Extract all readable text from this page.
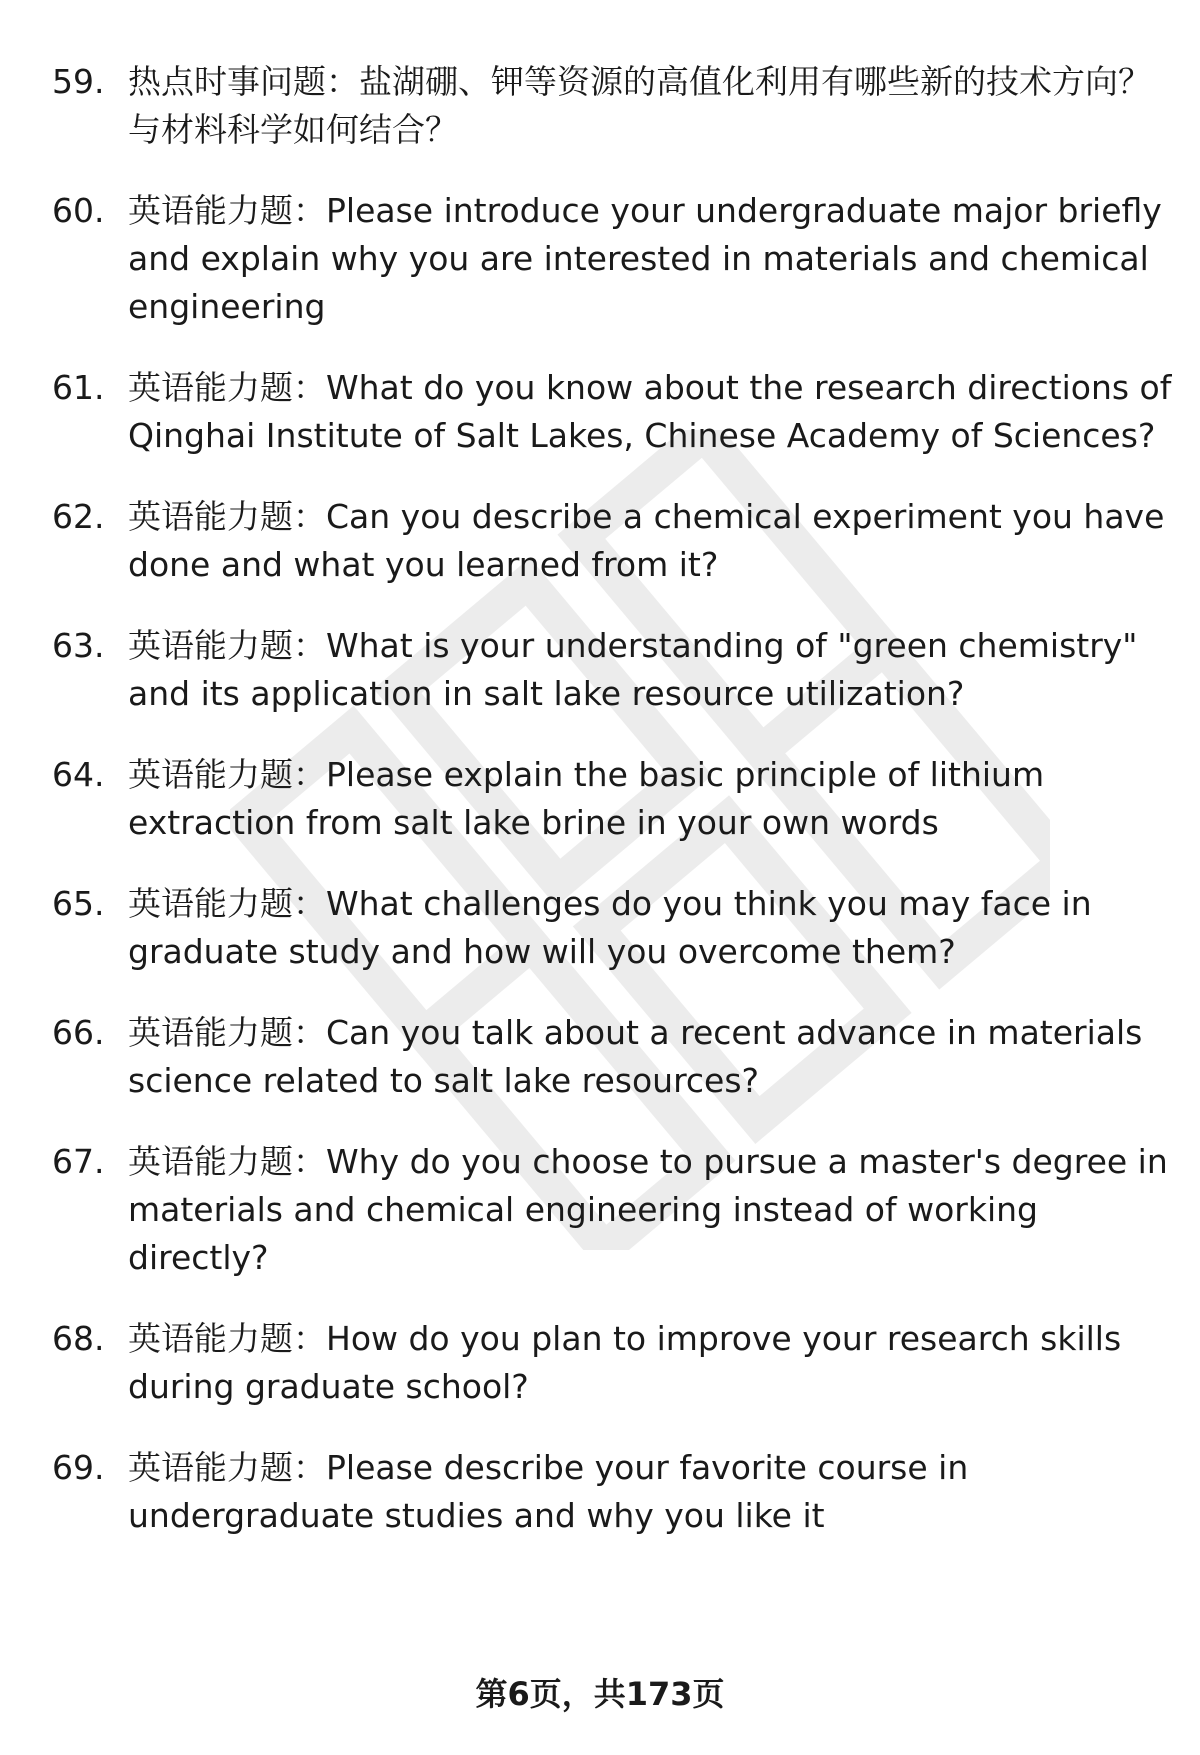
59. 热点时事问题：盐湖硼、钾等资源的高值化利用有哪些新的技术方向？与材料科学如何结合？
60. 英语能力题：Please introduce your undergraduate major briefly and explain why you are interested in materials and chemical engineering
61. 英语能力题：What do you know about the research directions of Qinghai Institute of Salt Lakes, Chinese Academy of Sciences?
62. 英语能力题：Can you describe a chemical experiment you have done and what you learned from it?
63. 英语能力题：What is your understanding of "green chemistry" and its application in salt lake resource utilization?
64. 英语能力题：Please explain the basic principle of lithium extraction from salt lake brine in your own words
65. 英语能力题：What challenges do you think you may face in graduate study and how will you overcome them?
66. 英语能力题：Can you talk about a recent advance in materials science related to salt lake resources?
67. 英语能力题：Why do you choose to pursue a master's degree in materials and chemical engineering instead of working directly?
68. 英语能力题：How do you plan to improve your research skills during graduate school?
69. 英语能力题：Please describe your favorite course in undergraduate studies and why you like it
第6页，共173页
